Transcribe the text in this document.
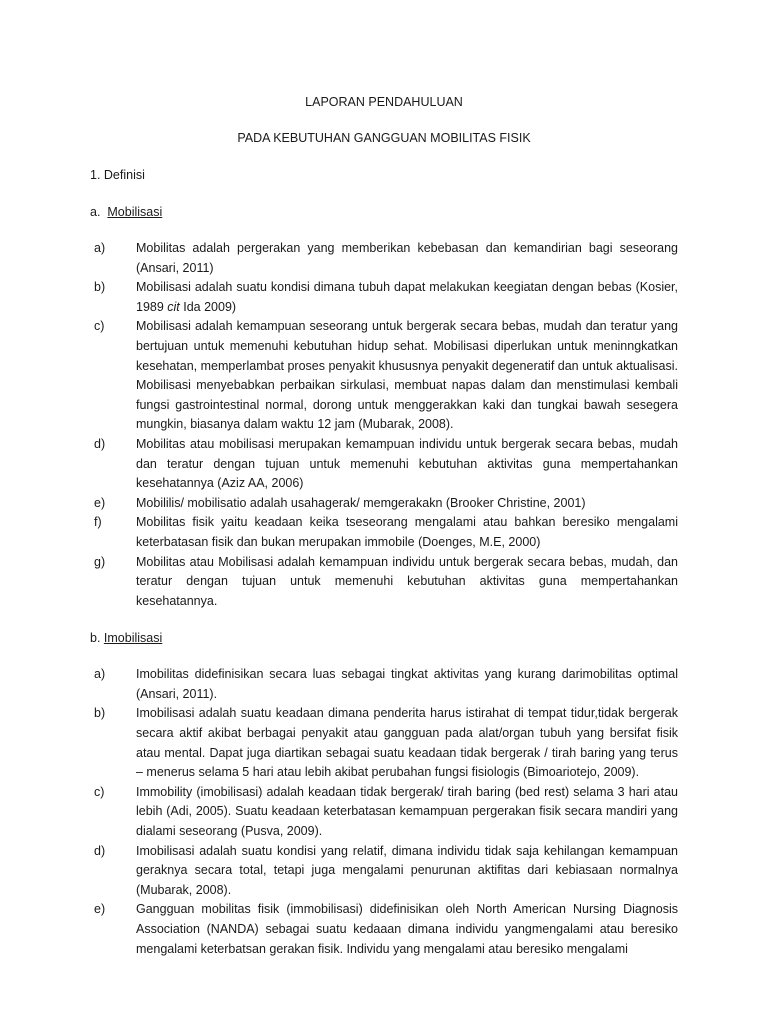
LAPORAN PENDAHULUAN

PADA KEBUTUHAN GANGGUAN MOBILITAS FISIK

1. Definisi

a. Mobilisasi

a)	Mobilitas adalah pergerakan yang memberikan kebebasan dan kemandirian bagi seseorang (Ansari, 2011)
b)	Mobilisasi adalah suatu kondisi dimana tubuh dapat melakukan keegiatan dengan bebas (Kosier, 1989 cit Ida 2009)
c)	Mobilisasi adalah kemampuan seseorang untuk bergerak secara bebas, mudah dan teratur yang bertujuan untuk memenuhi kebutuhan hidup sehat. Mobilisasi diperlukan untuk meninngkatkan kesehatan, memperlambat proses penyakit khususnya penyakit degeneratif dan untuk aktualisasi. Mobilisasi menyebabkan perbaikan sirkulasi, membuat napas dalam dan menstimulasi kembali fungsi gastrointestinal normal, dorong untuk menggerakkan kaki dan tungkai bawah sesegera mungkin, biasanya dalam waktu 12 jam (Mubarak, 2008).
d)	Mobilitas atau mobilisasi merupakan kemampuan individu untuk bergerak secara bebas, mudah dan teratur dengan tujuan untuk memenuhi kebutuhan aktivitas guna mempertahankan kesehatannya (Aziz AA, 2006)
e)	Mobililis/ mobilisatio adalah usahagerak/ memgerakakn (Brooker Christine, 2001)
f)	Mobilitas fisik yaitu keadaan keika tseseorang mengalami atau bahkan beresiko mengalami keterbatasan fisik dan bukan merupakan immobile (Doenges, M.E, 2000)
g)	Mobilitas atau Mobilisasi adalah kemampuan individu untuk bergerak secara bebas, mudah, dan teratur dengan tujuan untuk memenuhi kebutuhan aktivitas guna mempertahankan kesehatannya.

b. Imobilisasi

a)	Imobilitas didefinisikan secara luas sebagai tingkat aktivitas yang kurang darimobilitas optimal (Ansari, 2011).
b)	Imobilisasi adalah suatu keadaan dimana penderita harus istirahat di tempat tidur,tidak bergerak secara aktif akibat berbagai penyakit atau gangguan pada alat/organ tubuh yang bersifat fisik atau mental. Dapat juga diartikan sebagai suatu keadaan tidak bergerak / tirah baring yang terus – menerus selama 5 hari atau lebih akibat perubahan fungsi fisiologis (Bimoariotejo, 2009).
c)	Immobility (imobilisasi) adalah keadaan tidak bergerak/ tirah baring (bed rest) selama 3 hari atau lebih (Adi, 2005). Suatu keadaan keterbatasan kemampuan pergerakan fisik secara mandiri yang dialami seseorang (Pusva, 2009).
d)	Imobilisasi adalah suatu kondisi yang relatif, dimana individu tidak saja kehilangan kemampuan geraknya secara total, tetapi juga mengalami penurunan aktifitas dari kebiasaan normalnya (Mubarak, 2008).
e)	Gangguan mobilitas fisik (immobilisasi) didefinisikan oleh North American Nursing Diagnosis Association (NANDA) sebagai suatu kedaaan dimana individu yangmengalami atau beresiko mengalami keterbatsan gerakan fisik. Individu yang mengalami atau beresiko mengalami
